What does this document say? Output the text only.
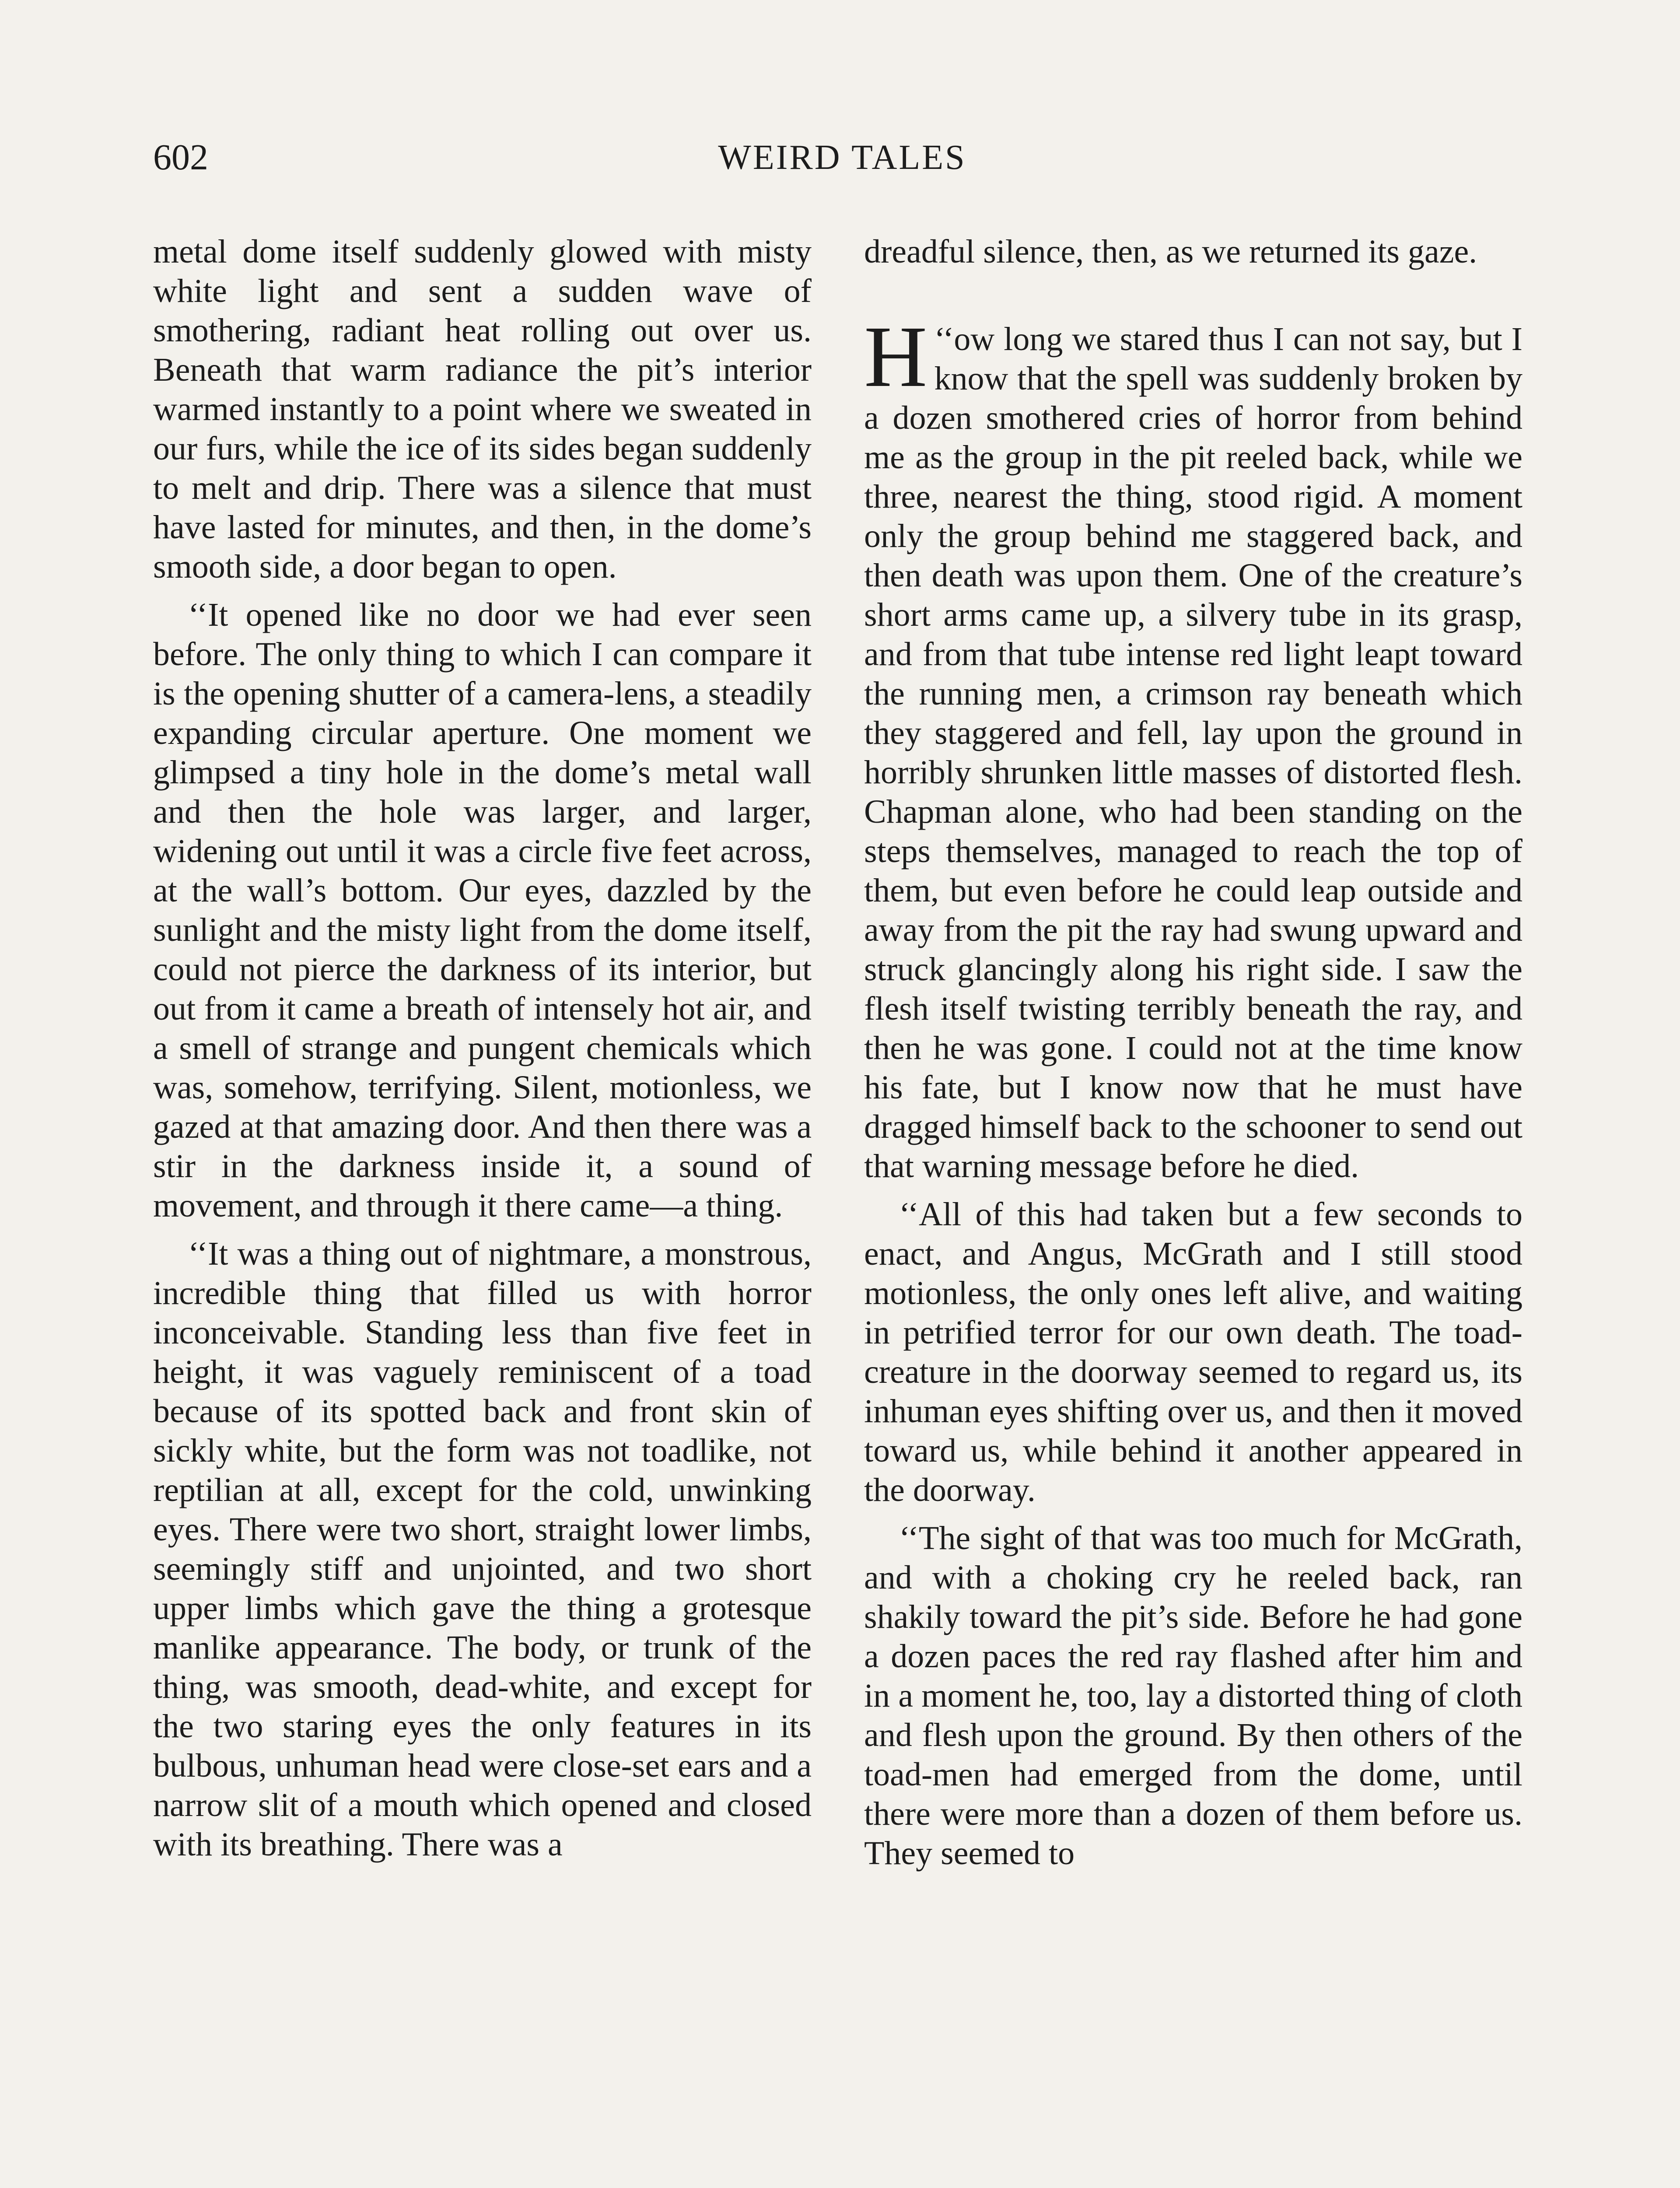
602	WEIRD TALES

metal dome itself suddenly glowed with misty white light and sent a sudden wave of smothering, radiant heat rolling out over us. Beneath that warm radiance the pit’s interior warmed instantly to a point where we sweated in our furs, while the ice of its sides began suddenly to melt and drip. There was a silence that must have lasted for minutes, and then, in the dome’s smooth side, a door began to open.

‘‘It opened like no door we had ever seen before. The only thing to which I can compare it is the opening shutter of a camera-lens, a steadily expanding circular aperture. One moment we glimpsed a tiny hole in the dome’s metal wall and then the hole was larger, and larger, widening out until it was a circle five feet across, at the wall’s bottom. Our eyes, dazzled by the sunlight and the misty light from the dome itself, could not pierce the darkness of its interior, but out from it came a breath of intensely hot air, and a smell of strange and pungent chemicals which was, somehow, terrifying. Silent, motionless, we gazed at that amazing door. And then there was a stir in the darkness inside it, a sound of movement, and through it there came—a thing.

‘‘It was a thing out of nightmare, a monstrous, incredible thing that filled us with horror inconceivable. Standing less than five feet in height, it was vaguely reminiscent of a toad because of its spotted back and front skin of sickly white, but the form was not toadlike, not reptilian at all, except for the cold, unwinking eyes. There were two short, straight lower limbs, seemingly stiff and unjointed, and two short upper limbs which gave the thing a grotesque manlike appearance. The body, or trunk of the thing, was smooth, dead-white, and except for the two staring eyes the only features in its bulbous, unhuman head were close-set ears and a narrow slit of a mouth which opened and closed with its breathing. There was a

dreadful silence, then, as we returned its gaze.

‘‘
H ow long we stared thus I can not say, but I know that the spell was suddenly broken by a dozen smothered cries of horror from behind me as the group in the pit reeled back, while we three, nearest the thing, stood rigid. A moment only the group behind me staggered back, and then death was upon them. One of the creature’s short arms came up, a silvery tube in its grasp, and from that tube intense red light leapt toward the running men, a crimson ray beneath which they staggered and fell, lay upon the ground in horribly shrunken little masses of distorted flesh. Chapman alone, who had been standing on the steps themselves, managed to reach the top of them, but even before he could leap outside and away from the pit the ray had swung upward and struck glancingly along his right side. I saw the flesh itself twisting terribly beneath the ray, and then he was gone. I could not at the time know his fate, but I know now that he must have dragged himself back to the schooner to send out that warning message before he died.

‘‘All of this had taken but a few seconds to enact, and Angus, McGrath and I still stood motionless, the only ones left alive, and waiting in petrified terror for our own death. The toad-creature in the doorway seemed to regard us, its inhuman eyes shifting over us, and then it moved toward us, while behind it another appeared in the doorway.

‘‘The sight of that was too much for McGrath, and with a choking cry he reeled back, ran shakily toward the pit’s side. Before he had gone a dozen paces the red ray flashed after him and in a moment he, too, lay a distorted thing of cloth and flesh upon the ground. By then others of the toad-men had emerged from the dome, until there were more than a dozen of them before us. They seemed to
